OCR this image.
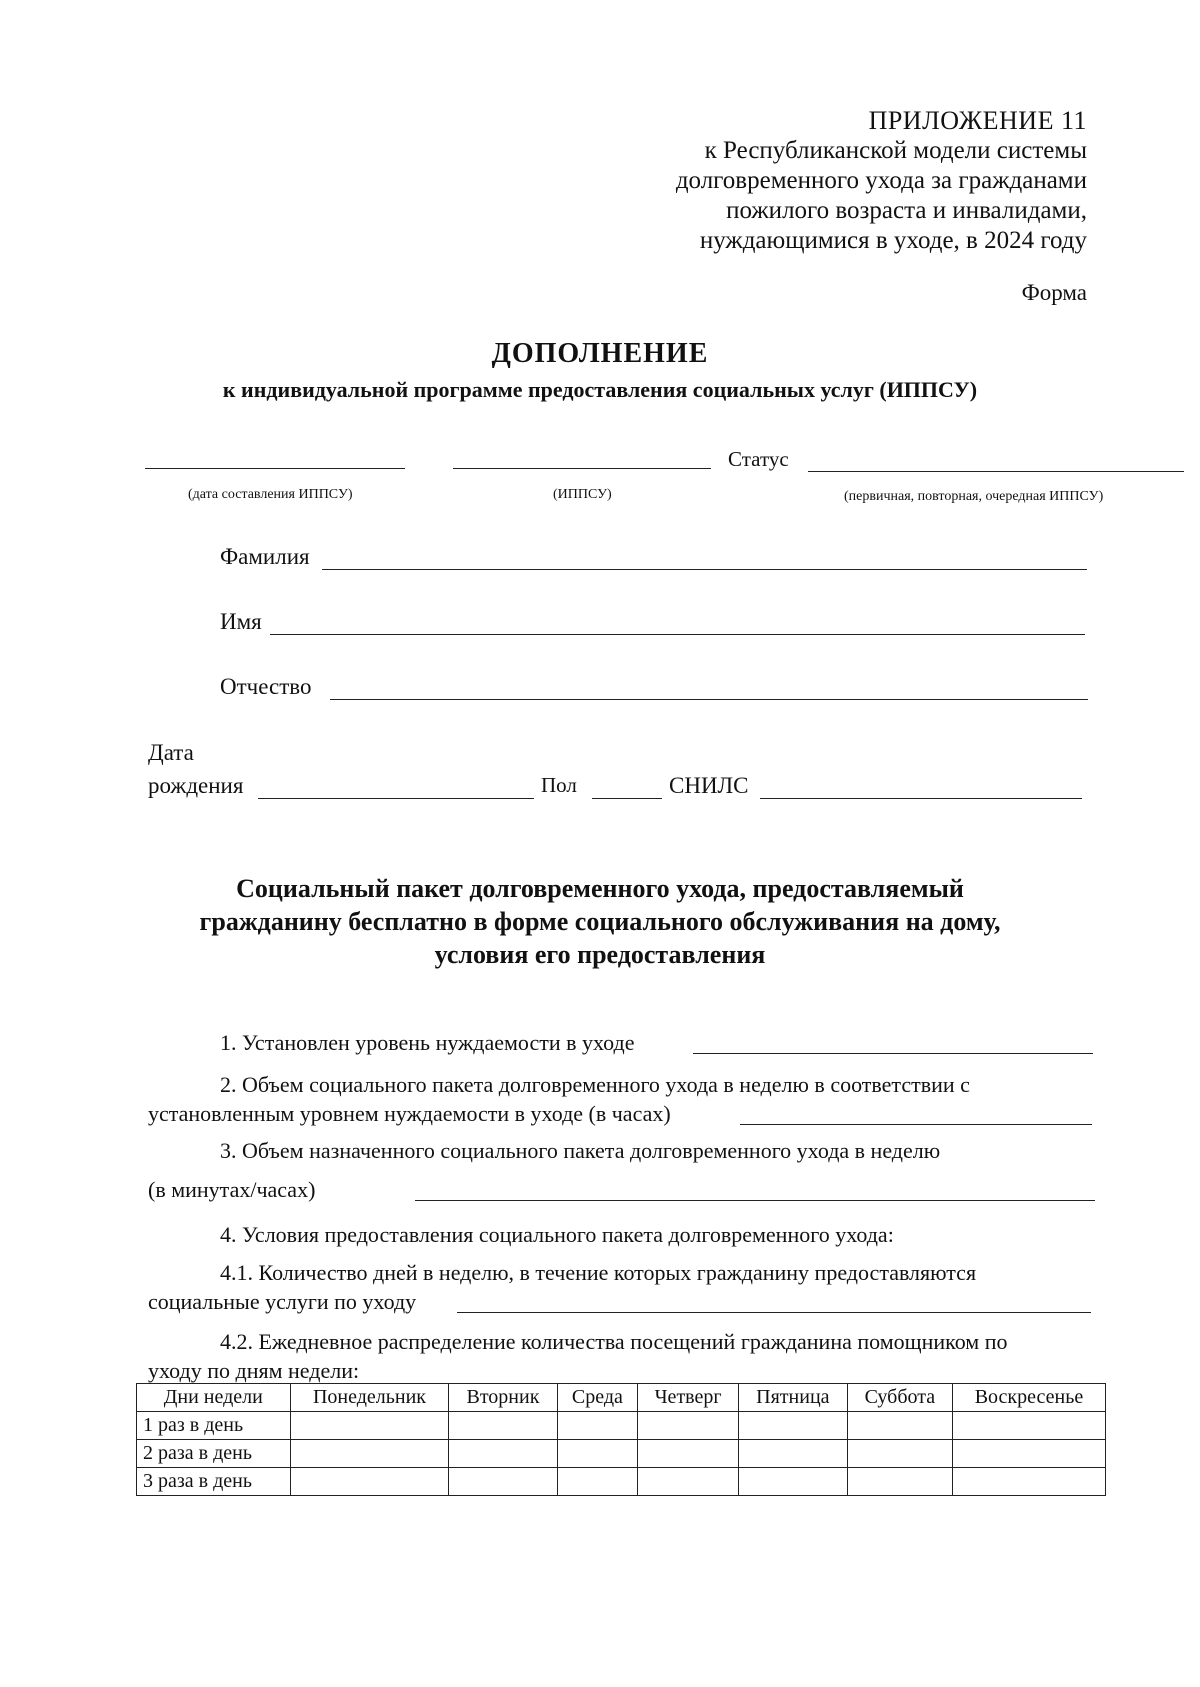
ПРИЛОЖЕНИЕ 11
к Республиканской модели системы
долговременного ухода за гражданами
пожилого возраста и инвалидами,
нуждающимися в уходе, в 2024 году
Форма
ДОПОЛНЕНИЕ
к индивидуальной программе предоставления социальных услуг (ИППСУ)
Статус
(дата составления ИППСУ)	(ИППСУ)	(первичная, повторная, очередная ИППСУ)
Фамилия
Имя
Отчество
Дата
рождения	Пол	СНИЛС
Социальный пакет долговременного ухода, предоставляемый
гражданину бесплатно в форме социального обслуживания на дому,
условия его предоставления
1. Установлен уровень нуждаемости в уходе
2. Объем социального пакета долговременного ухода в неделю в соответствии с
установленным уровнем нуждаемости в уходе (в часах)
3. Объем назначенного социального пакета долговременного ухода в неделю
(в минутах/часах)
4. Условия предоставления социального пакета долговременного ухода:
4.1. Количество дней в неделю, в течение которых гражданину предоставляются
социальные услуги по уходу
4.2. Ежедневное распределение количества посещений гражданина помощником по
уходу по дням недели:
Дни недели	Понедельник	Вторник	Среда	Четверг	Пятница	Суббота	Воскресенье
1 раз в день							
2 раза в день							
3 раза в день							
